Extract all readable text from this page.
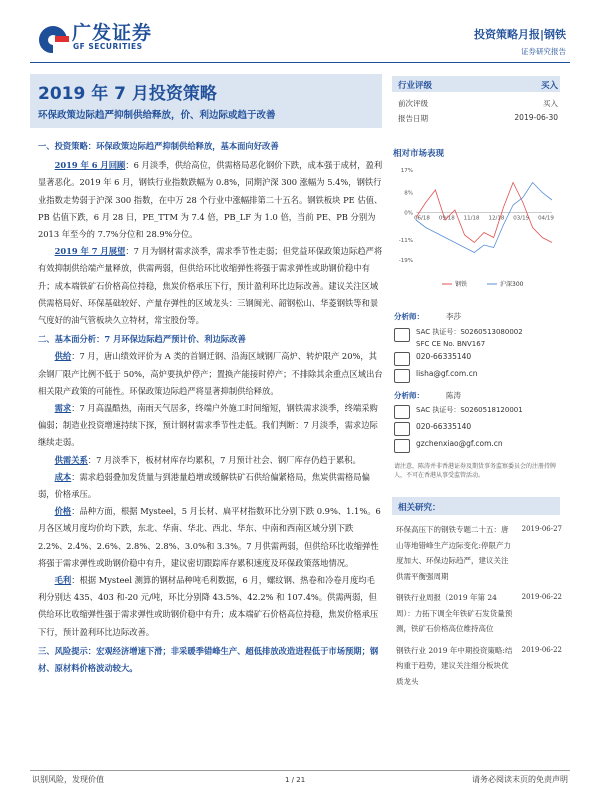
广发证券
GF SECURITIES
投资策略月报|钢铁
证券研究报告
2019 年 7 月投资策略
环保政策边际趋严抑制供给释放，价、利边际或趋于改善
一、投资策略：环保政策边际趋严抑制供给释放，基本面向好改善
2019 年 6 月回顾：6 月淡季，供给高位，供需格局恶化钢价下跌，成本强于成材，盈利显著恶化。2019 年 6 月，钢铁行业指数跌幅为 0.8%，同期沪深 300 涨幅为 5.4%，钢铁行业指数走势弱于沪深 300 指数，在中万 28 个行业中涨幅排第二十五名。钢铁板块 PE 估值、PB 估值下跌，6 月 28 日，PE_TTM 为 7.4 倍，PB_LF 为 1.0 倍，当前 PE、PB 分别为 2013 年至今的 7.7%分位和 28.9%分位。
2019 年 7 月展望：7 月为钢材需求淡季，需求季节性走弱；但党益环保政策边际趋严将有效抑制供给端产量释放，供需两弱，但供给环比收缩弹性将强于需求弹性或助钢价稳中有升；成本端铁矿石价格高位持稳，焦炭价格承压下行，预计盈利环比边际改善。建议关注区域供需格局好、环保基础较好、产量存弹性的区域龙头：三钢闽光、韶钢松山、华菱钢铁等和景气度好的油气管板块久立特材，常宝股份等。
二、基本面分析：7 月环保边际趋严预计价、利边际改善
供给：7 月，唐山绩效评价为 A 类的首钢迁钢、沿海区域钢厂高炉、转炉限产 20%，其余钢厂限产比例不低于 50%，高炉要执炉停产；置换产能接时停产；不排除其余重点区域出台相关限产政策的可能性。环保政策边际趋严将显著抑制供给释放。
需求：7 月高温酷热，南雨天气居多，终端户外施工时间缩短，钢铁需求淡季，终端采购偏弱；制造业投资增速持续下探，预计钢材需求季节性走低。我们判断：7 月淡季，需求边际继续走弱。
供需关系：7 月淡季下，板材材库存均累积，7 月预计社会、钢厂库存仍趋于累积。
成本：需求趋弱叠加发货量与到港量趋增或缓解铁矿石供给偏紧格局，焦炭供需格局偏弱，价格承压。
价格：品种方面，根据 Mysteel，5 月长材、扁平材指数环比分别下跌 0.9%、1.1%。6 月各区域月度均价均下跌，东北、华南、华北、西北、华东、中南和西南区域分别下跌 2.2%、2.4%、2.6%、2.8%、2.8%、3.0%和 3.3%。7 月供需两弱，但供给环比收缩弹性将强于需求弹性或助钢价稳中有升，建议密切跟踪库存累积速度及环保政策落地情况。
毛利：根据 Mysteel 测算的钢材品种吨毛利数据，6 月，螺纹钢、热卷和冷卷月度均毛利分别达 435、403 和-20 元/吨，环比分别降 43.5%、42.2% 和 107.4%。供需两弱，但供给环比收缩弹性强于需求弹性或助钢价稳中有升；成本端矿石价格高位持稳，焦炭价格承压下行，预计盈利环比边际改善。
三、风险提示：宏观经济增速下滑；非采暖季错峰生产、超低排放改造进程低于市场预期；钢材、原材料价格波动较大。
行业评级	买入
前次评级	买入
报告日期	2019-06-30
相对市场表现
17%
8%
0%
-11%
-19%
06/18 09/18 11/18 12/18 03/19 04/19
钢铁	沪深300
分析师：	李莎
SAC 执证号：S0260513080002
SFC CE No. BNV167
020-66335140
lisha@gf.com.cn
分析师：	陈涛
SAC 执证号：S0260518120001
020-66335140
gzchenxiao@gf.com.cn
请注意，陈涛并非香港证券及期货事务监察委员会的注册持牌人，不可在香港从事受监管活动。
相关研究：
环保高压下的钢铁专题二十五：唐山等地错峰生产边际变化:停限产力度加大、环保边际趋严，建议关注供需平衡强周期
2019-06-27
钢铁行业周报（2019 年第 24 周）：力拓下调全年铁矿石发货量预测，铁矿石价格高位维持高位
2019-06-22
钢铁行业 2019 年中期投资策略:结构重于趋势，建议关注细分板块优质龙头
2019-06-22
识别风险，发现价值	1 / 21	请务必阅读末页的免责声明
